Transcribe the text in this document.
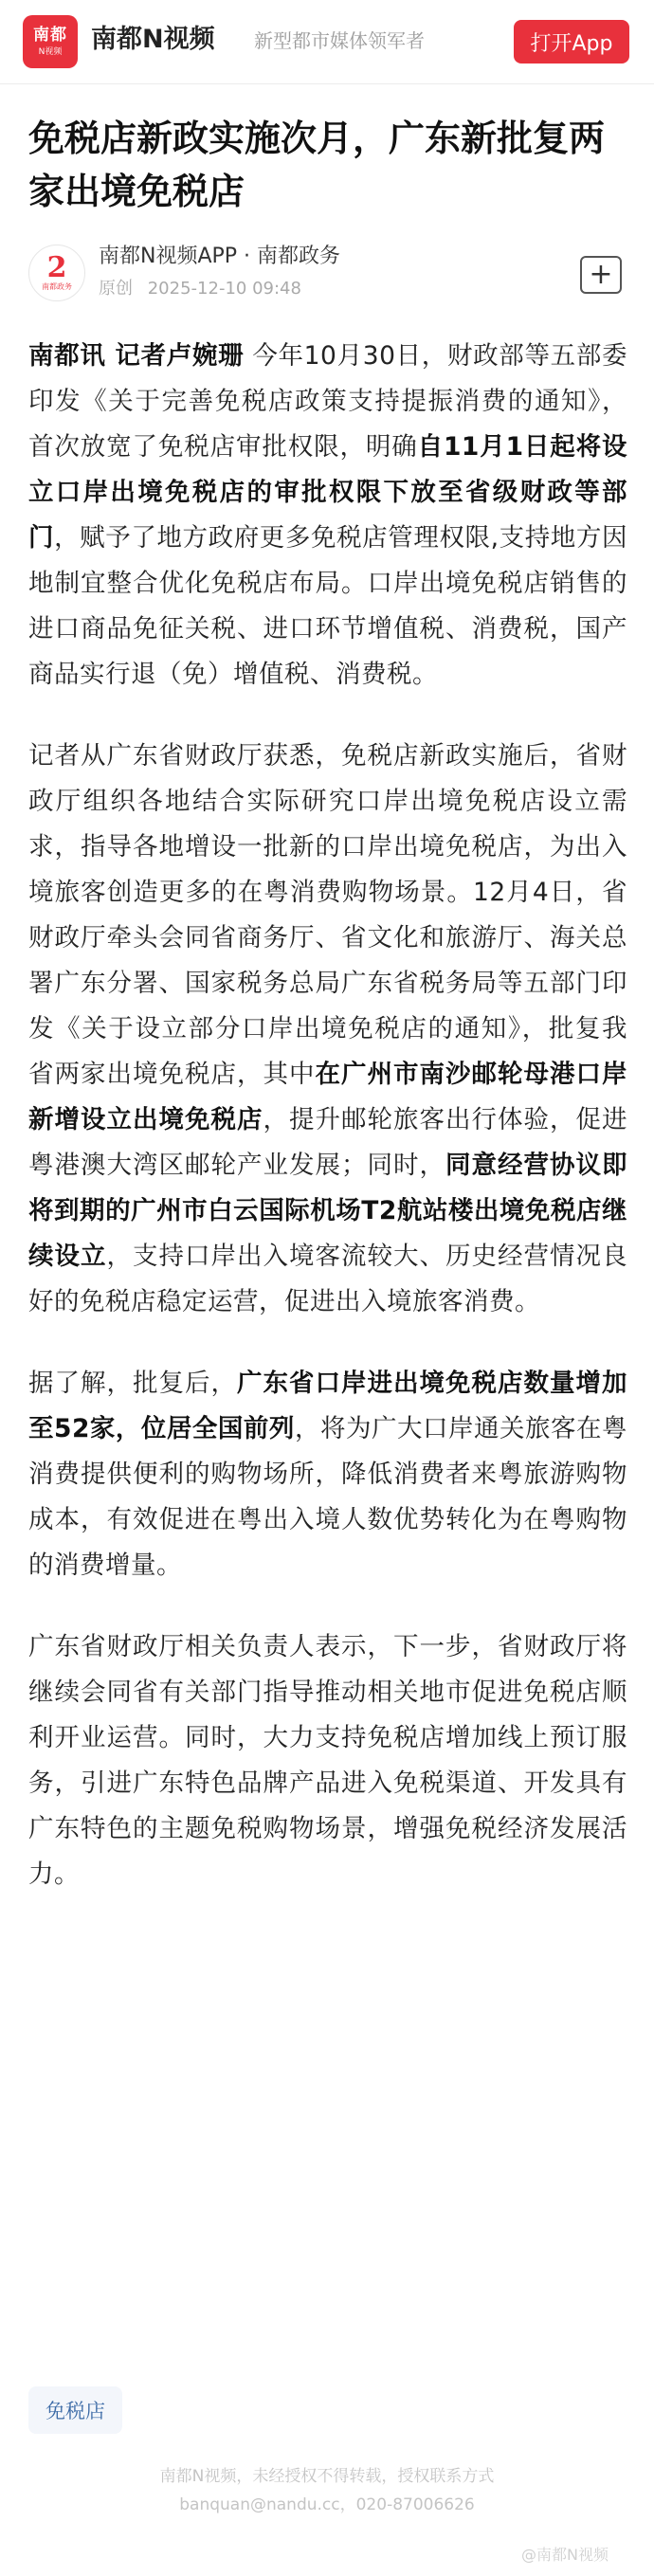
南都
N视频 南都N视频 新型都市媒体领军者	打开App
免税店新政实施次月，广东新批复两家出境免税店
2
南都政务
南都N视频APP · 南都政务
原创 2025-12-10 09:48	+

南都讯 记者卢婉珊 今年10月30日，财政部等五部委印发《关于完善免税店政策支持提振消费的通知》，首次放宽了免税店审批权限，明确自11月1日起将设立口岸出境免税店的审批权限下放至省级财政等部门，赋予了地方政府更多免税店管理权限,支持地方因地制宜整合优化免税店布局。口岸出境免税店销售的进口商品免征关税、进口环节增值税、消费税，国产商品实行退（免）增值税、消费税。

记者从广东省财政厅获悉，免税店新政实施后，省财政厅组织各地结合实际研究口岸出境免税店设立需求，指导各地增设一批新的口岸出境免税店，为出入境旅客创造更多的在粤消费购物场景。12月4日，省财政厅牵头会同省商务厅、省文化和旅游厅、海关总署广东分署、国家税务总局广东省税务局等五部门印发《关于设立部分口岸出境免税店的通知》，批复我省两家出境免税店，其中在广州市南沙邮轮母港口岸新增设立出境免税店，提升邮轮旅客出行体验，促进粤港澳大湾区邮轮产业发展；同时，同意经营协议即将到期的广州市白云国际机场T2航站楼出境免税店继续设立，支持口岸出入境客流较大、历史经营情况良好的免税店稳定运营，促进出入境旅客消费。

据了解，批复后，广东省口岸进出境免税店数量增加至52家，位居全国前列，将为广大口岸通关旅客在粤消费提供便利的购物场所，降低消费者来粤旅游购物成本，有效促进在粤出入境人数优势转化为在粤购物的消费增量。

广东省财政厅相关负责人表示，下一步，省财政厅将继续会同省有关部门指导推动相关地市促进免税店顺利开业运营。同时，大力支持免税店增加线上预订服务，引进广东特色品牌产品进入免税渠道、开发具有广东特色的主题免税购物场景，增强免税经济发展活力。

免税店
南都N视频，未经授权不得转载，授权联系方式
banquan@nandu.cc，020-87006626
@南都N视频
